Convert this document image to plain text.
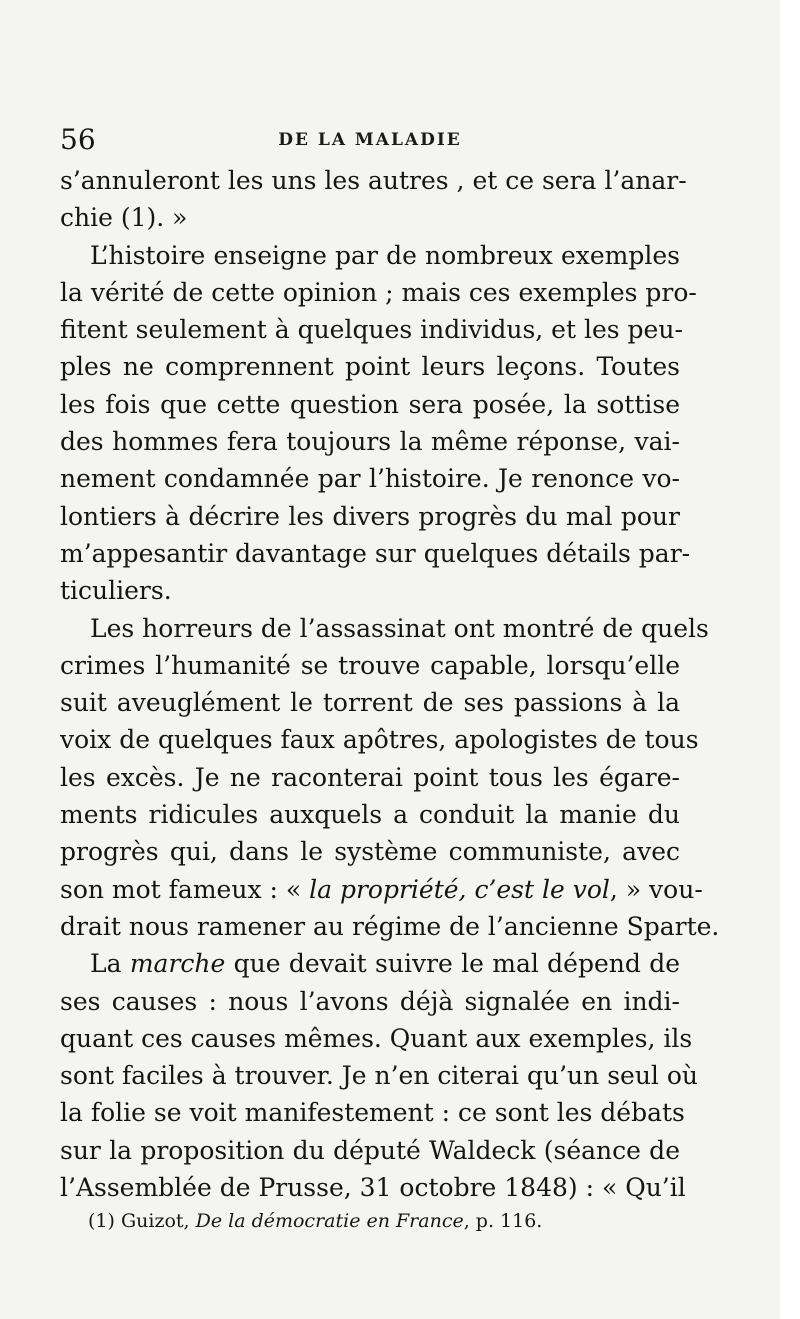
56	DE LA MALADIE
s’annuleront les uns les autres , et ce sera l’anar-
chie (1). »
L’histoire enseigne par de nombreux exemples
la vérité de cette opinion ; mais ces exemples pro-
fitent seulement à quelques individus, et les peu-
ples ne comprennent point leurs leçons. Toutes
les fois que cette question sera posée, la sottise
des hommes fera toujours la même réponse, vai-
nement condamnée par l’histoire. Je renonce vo-
lontiers à décrire les divers progrès du mal pour
m’appesantir davantage sur quelques détails par-
ticuliers.
Les horreurs de l’assassinat ont montré de quels
crimes l’humanité se trouve capable, lorsqu’elle
suit aveuglément le torrent de ses passions à la
voix de quelques faux apôtres, apologistes de tous
les excès. Je ne raconterai point tous les égare-
ments ridicules auxquels a conduit la manie du
progrès qui, dans le système communiste, avec
son mot fameux : « la propriété, c’est le vol, » vou-
drait nous ramener au régime de l’ancienne Sparte.
La marche que devait suivre le mal dépend de
ses causes : nous l’avons déjà signalée en indi-
quant ces causes mêmes. Quant aux exemples, ils
sont faciles à trouver. Je n’en citerai qu’un seul où
la folie se voit manifestement : ce sont les débats
sur la proposition du député Waldeck (séance de
l’Assemblée de Prusse, 31 octobre 1848) : « Qu’il
(1) Guizot, De la démocratie en France, p. 116.
